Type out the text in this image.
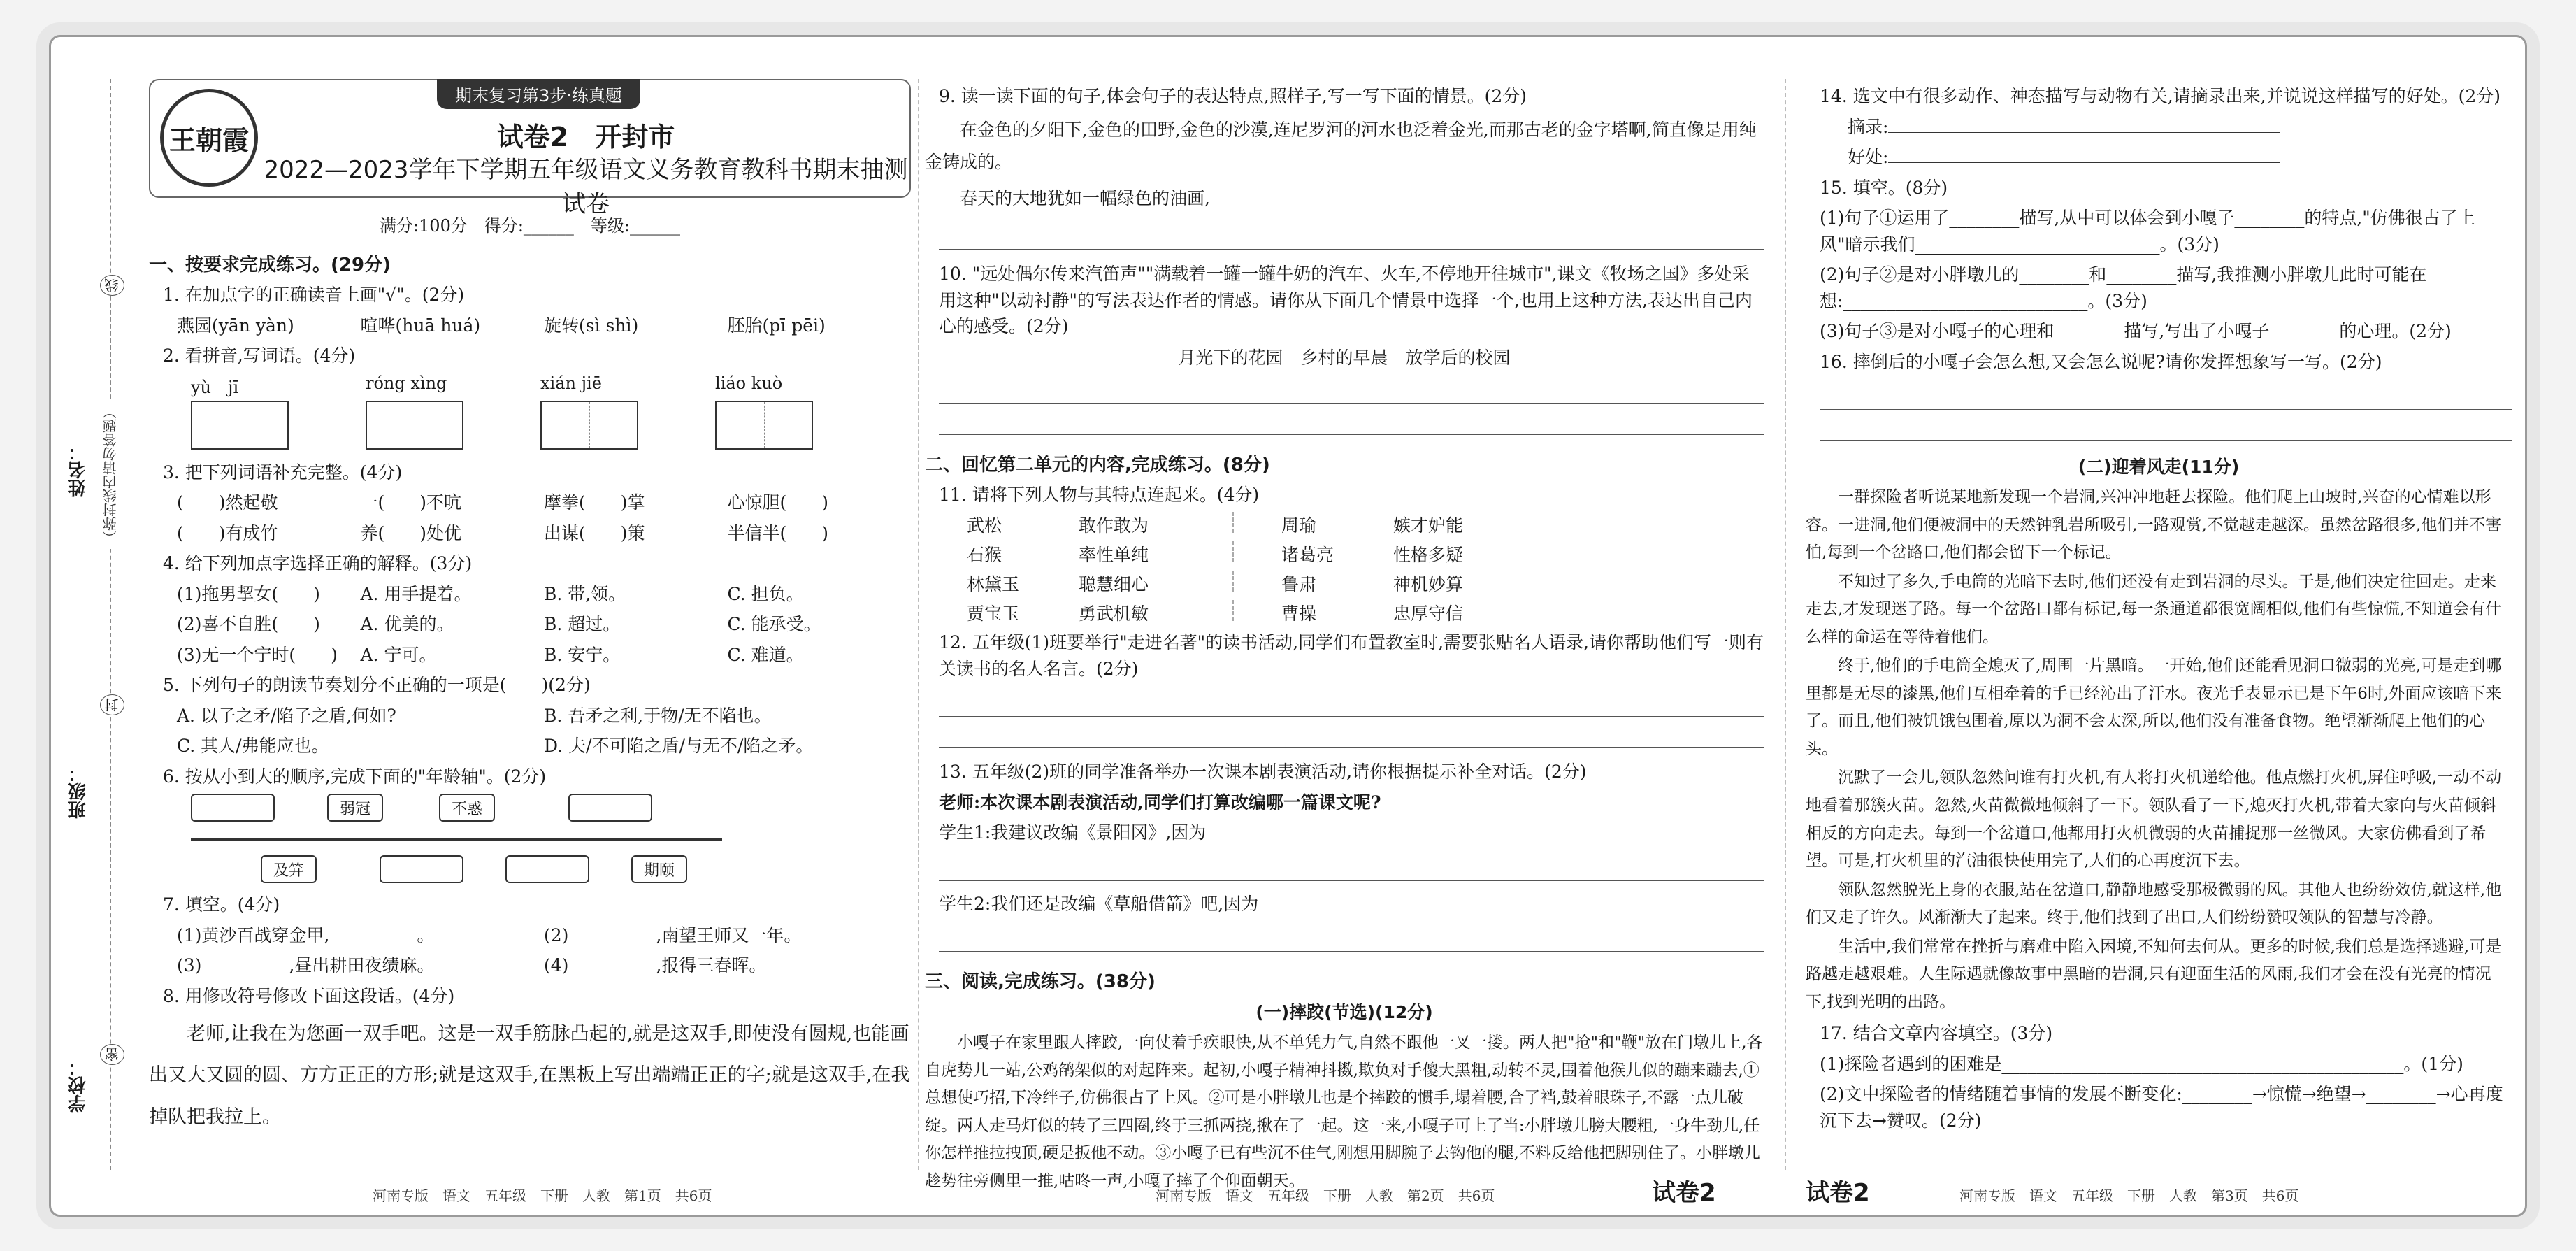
姓名：
班级：
学校：
（弥封线内请勿答题）
线
封
密
王朝霞
期末复习第3步·练真题
试卷2　开封市
2022—2023学年下学期五年级语文义务教育教科书期末抽测试卷
满分:100分　得分:______　等级:______
一、按要求完成练习。(29分)
1. 在加点字的正确读音上画"√"。(2分)
燕园(yān yàn)	喧哗(huā huá)	旋转(sì shì)	胚胎(pī pēi)
2. 看拼音,写词语。(4分)
yù　jī	róng xìng	xián jiē	liáo kuò
3. 把下列词语补充完整。(4分)
(　　)然起敬	一(　　)不吭	摩拳(　　)掌	心惊胆(　　)
(　　)有成竹	养(　　)处优	出谋(　　)策	半信半(　　)
4. 给下列加点字选择正确的解释。(3分)
(1)拖男挈女(　　)	A. 用手提着。	B. 带,领。	C. 担负。
(2)喜不自胜(　　)	A. 优美的。	B. 超过。	C. 能承受。
(3)无一个宁时(　　)	A. 宁可。	B. 安宁。	C. 难道。
5. 下列句子的朗读节奏划分不正确的一项是(　　)(2分)
A. 以子之矛/陷子之盾,何如?	B. 吾矛之利,于物/无不陷也。
C. 其人/弗能应也。	D. 夫/不可陷之盾/与无不/陷之矛。
6. 按从小到大的顺序,完成下面的"年龄轴"。(2分)
弱冠	不惑
及笄	期颐
7. 填空。(4分)
(1)黄沙百战穿金甲,__________。	(2)__________,南望王师又一年。
(3)__________,昼出耕田夜绩麻。	(4)__________,报得三春晖。
8. 用修改符号修改下面这段话。(4分)
老师,让我在为您画一双手吧。这是一双手筋脉凸起的,就是这双手,即使没有圆规,也能画出又大又圆的圆、方方正正的方形;就是这双手,在黑板上写出端端正正的字;就是这双手,在我掉队把我拉上。
9. 读一读下面的句子,体会句子的表达特点,照样子,写一写下面的情景。(2分)
在金色的夕阳下,金色的田野,金色的沙漠,连尼罗河的河水也泛着金光,而那古老的金字塔啊,简直像是用纯金铸成的。
春天的大地犹如一幅绿色的油画,
10. "远处偶尔传来汽笛声""满载着一罐一罐牛奶的汽车、火车,不停地开往城市",课文《牧场之国》多处采用这种"以动衬静"的写法表达作者的情感。请你从下面几个情景中选择一个,也用上这种方法,表达出自己内心的感受。(2分)
月光下的花园　乡村的早晨　放学后的校园
二、回忆第二单元的内容,完成练习。(8分)
11. 请将下列人物与其特点连起来。(4分)
武松	敢作敢为	周瑜	嫉才妒能
石猴	率性单纯	诸葛亮	性格多疑
林黛玉	聪慧细心	鲁肃	神机妙算
贾宝玉	勇武机敏	曹操	忠厚守信
12. 五年级(1)班要举行"走进名著"的读书活动,同学们布置教室时,需要张贴名人语录,请你帮助他们写一则有关读书的名人名言。(2分)
13. 五年级(2)班的同学准备举办一次课本剧表演活动,请你根据提示补全对话。(2分)
老师:本次课本剧表演活动,同学们打算改编哪一篇课文呢?
学生1:我建议改编《景阳冈》,因为
学生2:我们还是改编《草船借箭》吧,因为
三、阅读,完成练习。(38分)
(一)摔跤(节选)(12分)
小嘎子在家里跟人摔跤,一向仗着手疾眼快,从不单凭力气,自然不跟他一叉一搂。两人把"抢"和"鞭"放在门墩儿上,各自虎势儿一站,公鸡鹐架似的对起阵来。起初,小嘎子精神抖擞,欺负对手傻大黑粗,动转不灵,围着他猴儿似的蹦来蹦去,①总想使巧招,下冷绊子,仿佛很占了上风。②可是小胖墩儿也是个摔跤的惯手,塌着腰,合了裆,鼓着眼珠子,不露一点儿破绽。两人走马灯似的转了三四圈,终于三抓两挠,揪在了一起。这一来,小嘎子可上了当:小胖墩儿膀大腰粗,一身牛劲儿,任你怎样推拉拽顶,硬是扳他不动。③小嘎子已有些沉不住气,刚想用脚腕子去钩他的腿,不料反给他把脚别住了。小胖墩儿趁势往旁侧里一推,咕咚一声,小嘎子摔了个仰面朝天。
14. 选文中有很多动作、神态描写与动物有关,请摘录出来,并说说这样描写的好处。(2分)
摘录:
好处:
15. 填空。(8分)
(1)句子①运用了________描写,从中可以体会到小嘎子________的特点,"仿佛很占了上风"暗示我们____________________________。(3分)
(2)句子②是对小胖墩儿的________和________描写,我推测小胖墩儿此时可能在想:____________________________。(3分)
(3)句子③是对小嘎子的心理和________描写,写出了小嘎子________的心理。(2分)
16. 摔倒后的小嘎子会怎么想,又会怎么说呢?请你发挥想象写一写。(2分)
(二)迎着风走(11分)
一群探险者听说某地新发现一个岩洞,兴冲冲地赶去探险。他们爬上山坡时,兴奋的心情难以形容。一进洞,他们便被洞中的天然钟乳岩所吸引,一路观赏,不觉越走越深。虽然岔路很多,他们并不害怕,每到一个岔路口,他们都会留下一个标记。
不知过了多久,手电筒的光暗下去时,他们还没有走到岩洞的尽头。于是,他们决定往回走。走来走去,才发现迷了路。每一个岔路口都有标记,每一条通道都很宽阔相似,他们有些惊慌,不知道会有什么样的命运在等待着他们。
终于,他们的手电筒全熄灭了,周围一片黑暗。一开始,他们还能看见洞口微弱的光亮,可是走到哪里都是无尽的漆黑,他们互相牵着的手已经沁出了汗水。夜光手表显示已是下午6时,外面应该暗下来了。而且,他们被饥饿包围着,原以为洞不会太深,所以,他们没有准备食物。绝望渐渐爬上他们的心头。
沉默了一会儿,领队忽然问谁有打火机,有人将打火机递给他。他点燃打火机,屏住呼吸,一动不动地看着那簇火苗。忽然,火苗微微地倾斜了一下。领队看了一下,熄灭打火机,带着大家向与火苗倾斜相反的方向走去。每到一个岔道口,他都用打火机微弱的火苗捕捉那一丝微风。大家仿佛看到了希望。可是,打火机里的汽油很快使用完了,人们的心再度沉下去。
领队忽然脱光上身的衣服,站在岔道口,静静地感受那极微弱的风。其他人也纷纷效仿,就这样,他们又走了许久。风渐渐大了起来。终于,他们找到了出口,人们纷纷赞叹领队的智慧与冷静。
生活中,我们常常在挫折与磨难中陷入困境,不知何去何从。更多的时候,我们总是选择逃避,可是路越走越艰难。人生际遇就像故事中黑暗的岩洞,只有迎面生活的风雨,我们才会在没有光亮的情况下,找到光明的出路。
17. 结合文章内容填空。(3分)
(1)探险者遇到的困难是______________________________________________。(1分)
(2)文中探险者的情绪随着事情的发展不断变化:________→惊慌→绝望→________→心再度沉下去→赞叹。(2分)
河南专版　语文　五年级　下册　人教　第1页　共6页	河南专版　语文　五年级　下册　人教　第2页　共6页	试卷2	试卷2	河南专版　语文　五年级　下册　人教　第3页　共6页
